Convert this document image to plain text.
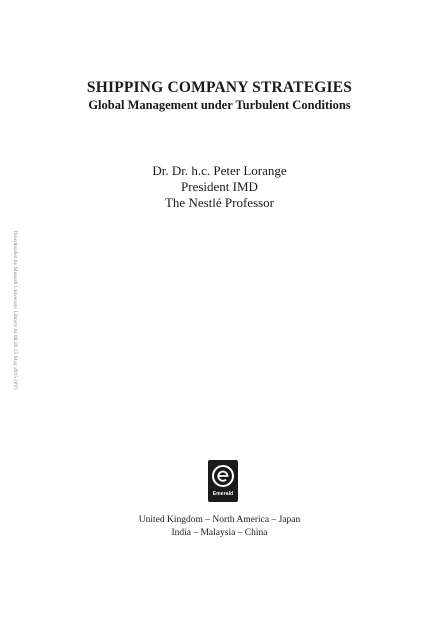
Downloaded by Monash University Library At 08:26 25 May 2015 (PT)

SHIPPING COMPANY STRATEGIES

Global Management under Turbulent Conditions

Dr. Dr. h.c. Peter Lorange
President IMD
The Nestlé Professor
Emerald
United Kingdom – North America – Japan
India – Malaysia – China
